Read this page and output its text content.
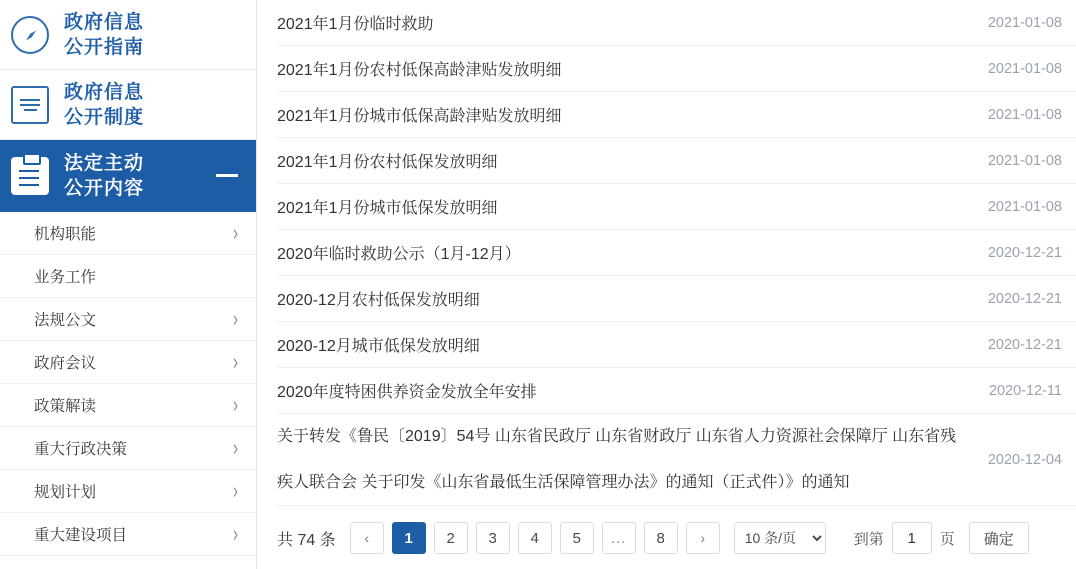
政府信息
公开指南
政府信息
公开制度
法定主动
公开内容
机构职能	›
业务工作
法规公文	›
政府会议	›
政策解读	›
重大行政决策	›
规划计划	›
重大建设项目	›
2021年1月份临时救助	2021-01-08
2021年1月份农村低保高龄津贴发放明细	2021-01-08
2021年1月份城市低保高龄津贴发放明细	2021-01-08
2021年1月份农村低保发放明细	2021-01-08
2021年1月份城市低保发放明细	2021-01-08
2020年临时救助公示（1月-12月）	2020-12-21
2020-12月农村低保发放明细	2020-12-21
2020-12月城市低保发放明细	2020-12-21
2020年度特困供养资金发放全年安排	2020-12-11
关于转发《鲁民〔2019〕54号 山东省民政厅 山东省财政厅 山东省人力资源社会保障厅 山东省残疾人联合会 关于印发《山东省最低生活保障管理办法》的通知（正式件）》的通知
2020-12-04
共 74 条	‹	1	2	3	4	5	...	8	›
10 条/页	到第
1	页	确定
